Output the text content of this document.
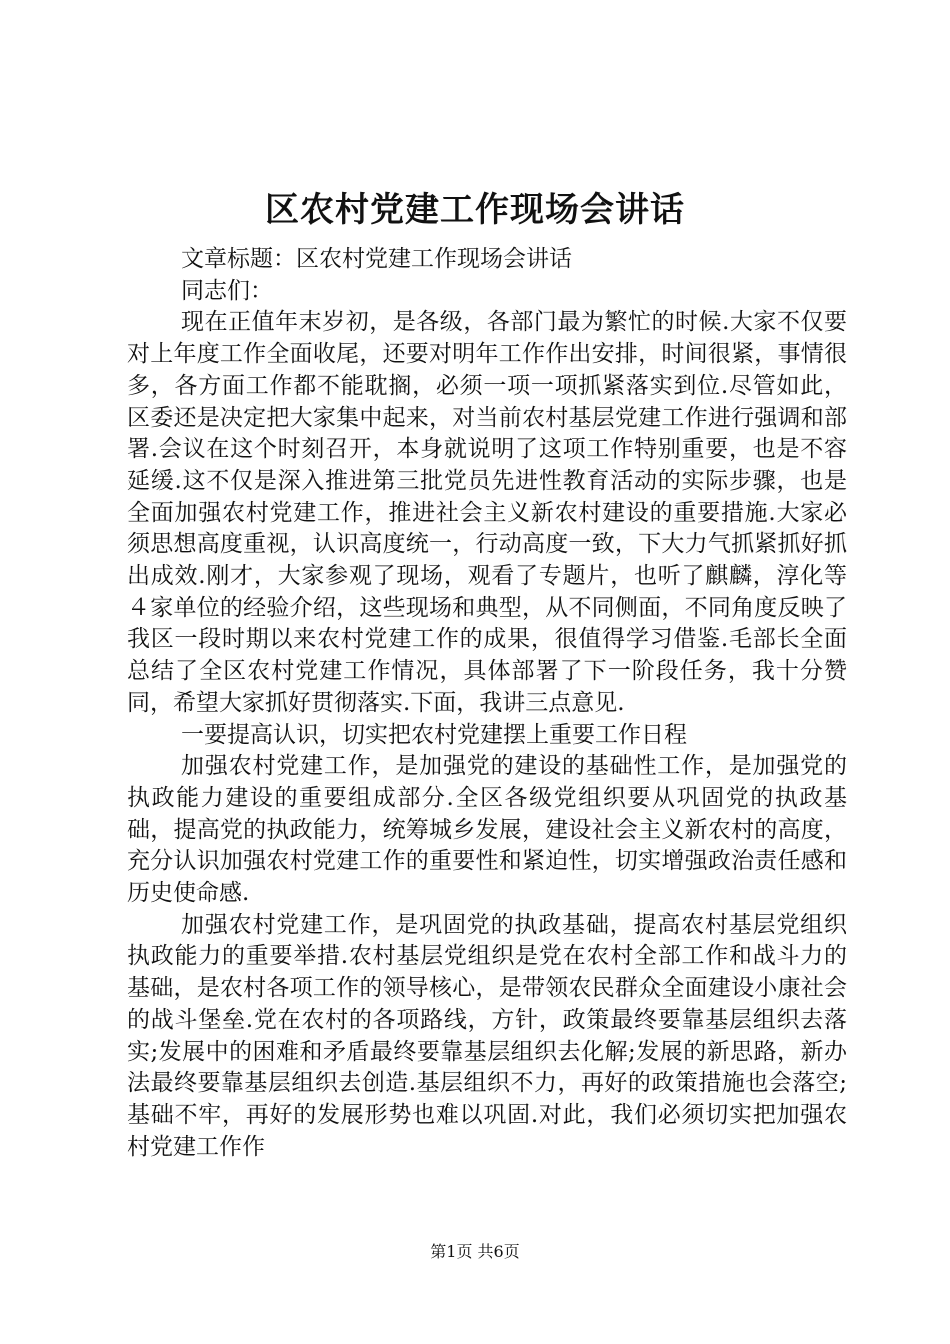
区农村党建工作现场会讲话

文章标题：区农村党建工作现场会讲话

同志们：

现在正值年末岁初，是各级，各部门最为繁忙的时候.大家不仅要对上年度工作全面收尾，还要对明年工作作出安排，时间很紧，事情很多，各方面工作都不能耽搁，必须一项一项抓紧落实到位.尽管如此，区委还是决定把大家集中起来，对当前农村基层党建工作进行强调和部署.会议在这个时刻召开，本身就说明了这项工作特别重要，也是不容延缓.这不仅是深入推进第三批党员先进性教育活动的实际步骤，也是全面加强农村党建工作，推进社会主义新农村建设的重要措施.大家必须思想高度重视，认识高度统一，行动高度一致，下大力气抓紧抓好抓出成效.刚才，大家参观了现场，观看了专题片，也听了麒麟，淳化等４家单位的经验介绍，这些现场和典型，从不同侧面，不同角度反映了我区一段时期以来农村党建工作的成果，很值得学习借鉴.毛部长全面总结了全区农村党建工作情况，具体部署了下一阶段任务，我十分赞同，希望大家抓好贯彻落实.下面，我讲三点意见.

一要提高认识，切实把农村党建摆上重要工作日程

加强农村党建工作，是加强党的建设的基础性工作，是加强党的执政能力建设的重要组成部分.全区各级党组织要从巩固党的执政基础，提高党的执政能力，统筹城乡发展，建设社会主义新农村的高度，充分认识加强农村党建工作的重要性和紧迫性，切实增强政治责任感和历史使命感.

加强农村党建工作，是巩固党的执政基础，提高农村基层党组织执政能力的重要举措.农村基层党组织是党在农村全部工作和战斗力的基础，是农村各项工作的领导核心，是带领农民群众全面建设小康社会的战斗堡垒.党在农村的各项路线，方针，政策最终要靠基层组织去落实;发展中的困难和矛盾最终要靠基层组织去化解;发展的新思路，新办法最终要靠基层组织去创造.基层组织不力，再好的政策措施也会落空;基础不牢，再好的发展形势也难以巩固.对此，我们必须切实把加强农村党建工作作

第1页 共6页
